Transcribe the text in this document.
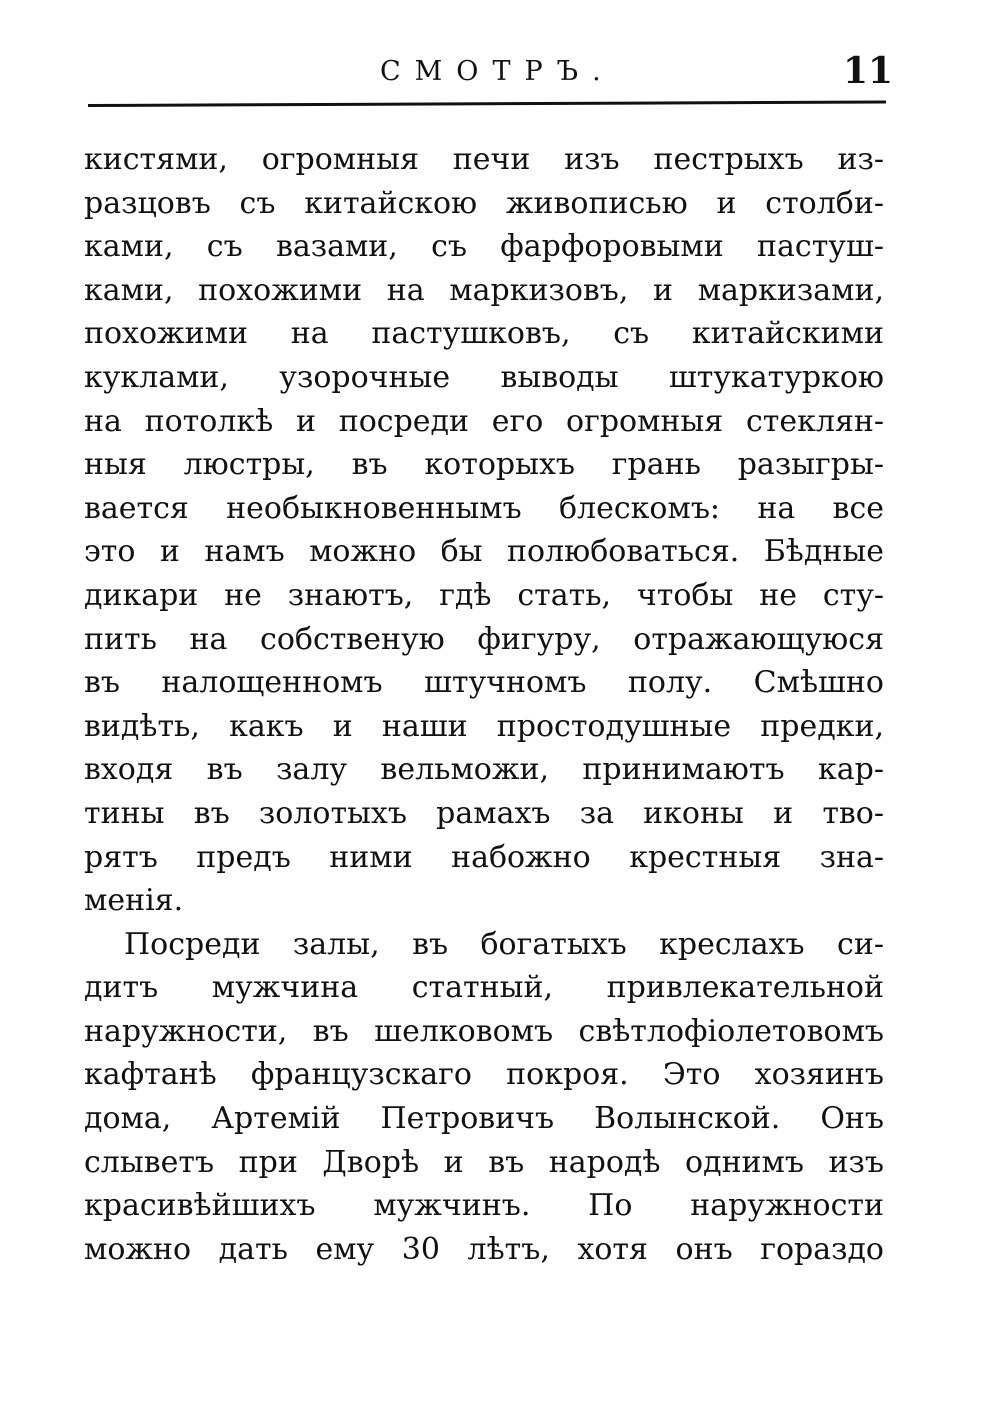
СМОТРЪ.	11
кистями, огромныя печи изъ пестрыхъ из-
разцовъ съ китайскою живописью и столби-
ками, съ вазами, съ фарфоровыми пастуш-
ками, похожими на маркизовъ, и маркизами,
похожими на пастушковъ, съ китайскими
куклами, узорочные выводы штукатуркою
на потолкѣ и посреди его огромныя стеклян-
ныя люстры, въ которыхъ грань разыгры-
вается необыкновеннымъ блескомъ: на все
это и намъ можно бы полюбоваться. Бѣдные
дикари не знаютъ, гдѣ стать, чтобы не сту-
пить на собственую фигуру, отражающуюся
въ налощенномъ штучномъ полу. Смѣшно
видѣть, какъ и наши простодушные предки,
входя въ залу вельможи, принимаютъ кар-
тины въ золотыхъ рамахъ за иконы и тво-
рятъ предъ ними набожно крестныя зна-
менія.
Посреди залы, въ богатыхъ креслахъ си-
дитъ мужчина статный, привлекательной
наружности, въ шелковомъ свѣтлофіолетовомъ
кафтанѣ французскаго покроя. Это хозяинъ
дома, Артемій Петровичъ Волынской. Онъ
слыветъ при Дворѣ и въ народѣ однимъ изъ
красивѣйшихъ мужчинъ. По наружности
можно дать ему 30 лѣтъ, хотя онъ гораздо
